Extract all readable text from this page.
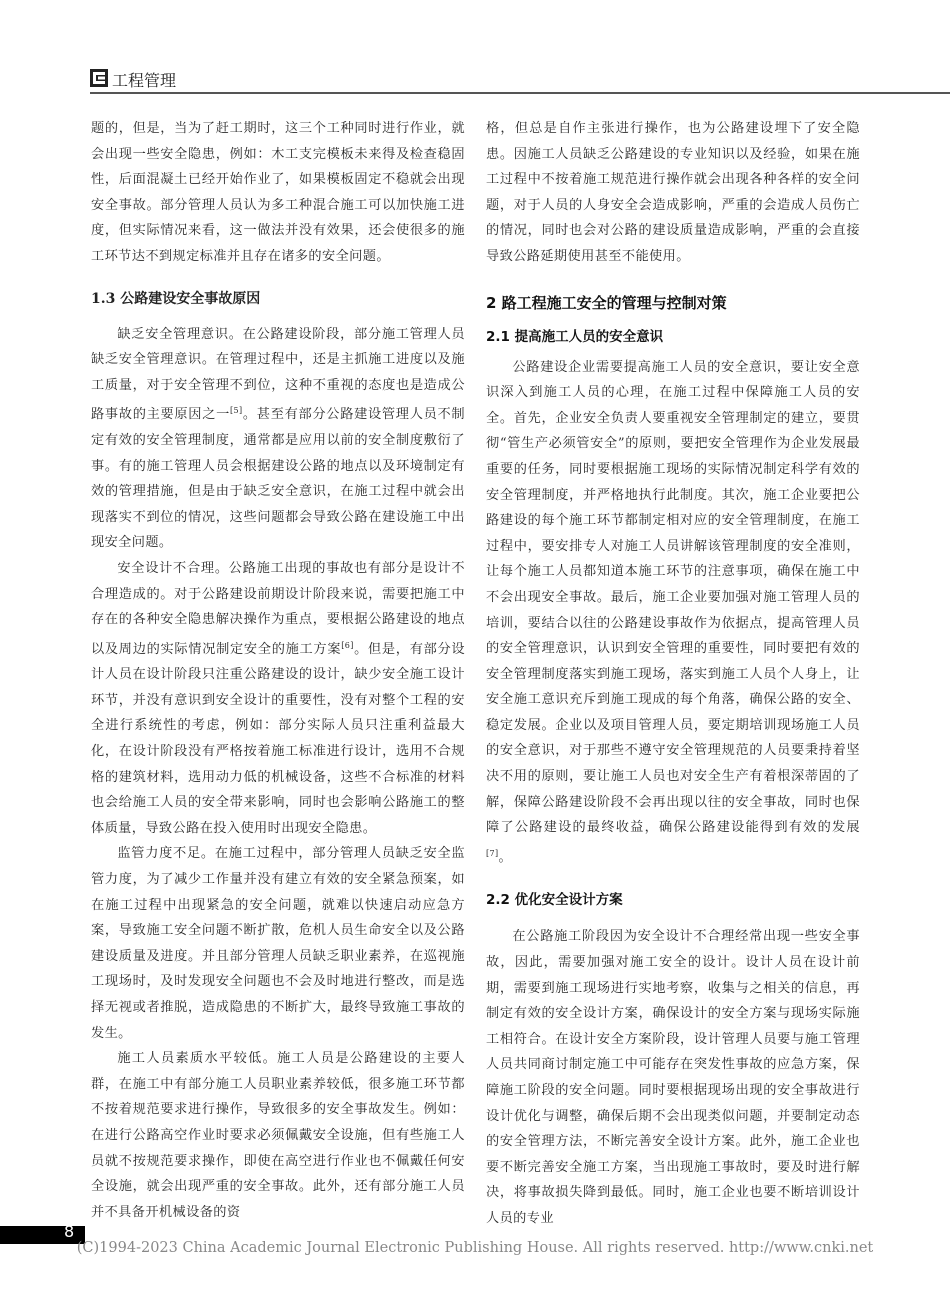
工程管理

题的，但是，当为了赶工期时，这三个工种同时进行作业，就会出现一些安全隐患，例如：木工支完模板未来得及检查稳固性，后面混凝土已经开始作业了，如果模板固定不稳就会出现安全事故。部分管理人员认为多工种混合施工可以加快施工进度，但实际情况来看，这一做法并没有效果，还会使很多的施工环节达不到规定标准并且存在诸多的安全问题。

1.3 公路建设安全事故原因

缺乏安全管理意识。在公路建设阶段，部分施工管理人员缺乏安全管理意识。在管理过程中，还是主抓施工进度以及施工质量，对于安全管理不到位，这种不重视的态度也是造成公路事故的主要原因之一[5]。甚至有部分公路建设管理人员不制定有效的安全管理制度，通常都是应用以前的安全制度敷衍了事。有的施工管理人员会根据建设公路的地点以及环境制定有效的管理措施，但是由于缺乏安全意识，在施工过程中就会出现落实不到位的情况，这些问题都会导致公路在建设施工中出现安全问题。

安全设计不合理。公路施工出现的事故也有部分是设计不合理造成的。对于公路建设前期设计阶段来说，需要把施工中存在的各种安全隐患解决操作为重点，要根据公路建设的地点以及周边的实际情况制定安全的施工方案[6]。但是，有部分设计人员在设计阶段只注重公路建设的设计，缺少安全施工设计环节，并没有意识到安全设计的重要性，没有对整个工程的安全进行系统性的考虑，例如：部分实际人员只注重利益最大化，在设计阶段没有严格按着施工标准进行设计，选用不合规格的建筑材料，选用动力低的机械设备，这些不合标准的材料也会给施工人员的安全带来影响，同时也会影响公路施工的整体质量，导致公路在投入使用时出现安全隐患。

监管力度不足。在施工过程中，部分管理人员缺乏安全监管力度，为了减少工作量并没有建立有效的安全紧急预案，如在施工过程中出现紧急的安全问题，就难以快速启动应急方案，导致施工安全问题不断扩散，危机人员生命安全以及公路建设质量及进度。并且部分管理人员缺乏职业素养，在巡视施工现场时，及时发现安全问题也不会及时地进行整改，而是选择无视或者推脱，造成隐患的不断扩大，最终导致施工事故的发生。

施工人员素质水平较低。施工人员是公路建设的主要人群，在施工中有部分施工人员职业素养较低，很多施工环节都不按着规范要求进行操作，导致很多的安全事故发生。例如：在进行公路高空作业时要求必须佩戴安全设施，但有些施工人员就不按规范要求操作，即使在高空进行作业也不佩戴任何安全设施，就会出现严重的安全事故。此外，还有部分施工人员并不具备开机械设备的资

格，但总是自作主张进行操作，也为公路建设埋下了安全隐患。因施工人员缺乏公路建设的专业知识以及经验，如果在施工过程中不按着施工规范进行操作就会出现各种各样的安全问题，对于人员的人身安全会造成影响，严重的会造成人员伤亡的情况，同时也会对公路的建设质量造成影响，严重的会直接导致公路延期使用甚至不能使用。

2 路工程施工安全的管理与控制对策
2.1 提高施工人员的安全意识

公路建设企业需要提高施工人员的安全意识，要让安全意识深入到施工人员的心理，在施工过程中保障施工人员的安全。首先，企业安全负责人要重视安全管理制定的建立，要贯彻“管生产必须管安全”的原则，要把安全管理作为企业发展最重要的任务，同时要根据施工现场的实际情况制定科学有效的安全管理制度，并严格地执行此制度。其次，施工企业要把公路建设的每个施工环节都制定相对应的安全管理制度，在施工过程中，要安排专人对施工人员讲解该管理制度的安全准则，让每个施工人员都知道本施工环节的注意事项，确保在施工中不会出现安全事故。最后，施工企业要加强对施工管理人员的培训，要结合以往的公路建设事故作为依据点，提高管理人员的安全管理意识，认识到安全管理的重要性，同时要把有效的安全管理制度落实到施工现场，落实到施工人员个人身上，让安全施工意识充斥到施工现成的每个角落，确保公路的安全、稳定发展。企业以及项目管理人员，要定期培训现场施工人员的安全意识，对于那些不遵守安全管理规范的人员要秉持着坚决不用的原则，要让施工人员也对安全生产有着根深蒂固的了解，保障公路建设阶段不会再出现以往的安全事故，同时也保障了公路建设的最终收益，确保公路建设能得到有效的发展[7]。

2.2 优化安全设计方案

在公路施工阶段因为安全设计不合理经常出现一些安全事故，因此，需要加强对施工安全的设计。设计人员在设计前期，需要到施工现场进行实地考察，收集与之相关的信息，再制定有效的安全设计方案，确保设计的安全方案与现场实际施工相符合。在设计安全方案阶段，设计管理人员要与施工管理人员共同商讨制定施工中可能存在突发性事故的应急方案，保障施工阶段的安全问题。同时要根据现场出现的安全事故进行设计优化与调整，确保后期不会出现类似问题，并要制定动态的安全管理方法，不断完善安全设计方案。此外，施工企业也要不断完善安全施工方案，当出现施工事故时，要及时进行解决，将事故损失降到最低。同时，施工企业也要不断培训设计人员的专业

8
(C)1994-2023 China Academic Journal Electronic Publishing House. All rights reserved. http://www.cnki.net
